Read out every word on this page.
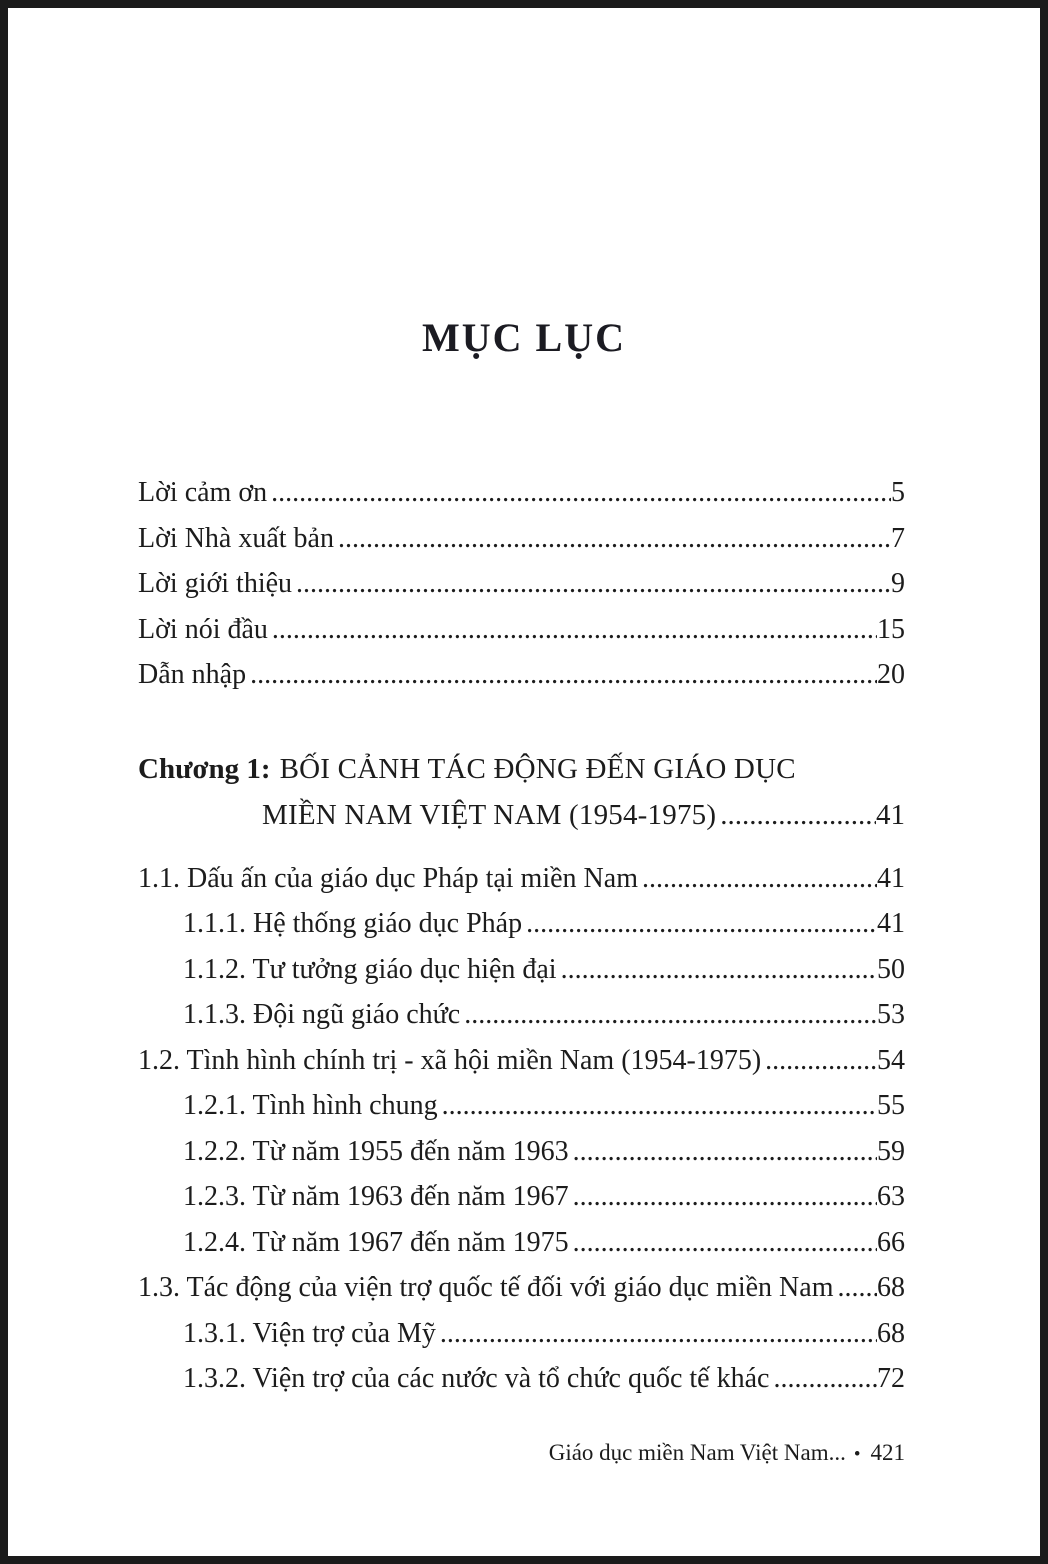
MỤC LỤC
Lời cảm ơn .....	5
Lời Nhà xuất bản .....	7
Lời giới thiệu .....	9
Lời nói đầu .....	15
Dẫn nhập .....	20
Chương 1: BỐI CẢNH TÁC ĐỘNG ĐẾN GIÁO DỤC
MIỀN NAM VIỆT NAM (1954-1975) .....	41
1.1. Dấu ấn của giáo dục Pháp tại miền Nam .....	41
1.1.1. Hệ thống giáo dục Pháp .....	41
1.1.2. Tư tưởng giáo dục hiện đại .....	50
1.1.3. Đội ngũ giáo chức .....	53
1.2. Tình hình chính trị - xã hội miền Nam (1954-1975) .....	54
1.2.1. Tình hình chung .....	55
1.2.2. Từ năm 1955 đến năm 1963 .....	59
1.2.3. Từ năm 1963 đến năm 1967 .....	63
1.2.4. Từ năm 1967 đến năm 1975 .....	66
1.3. Tác động của viện trợ quốc tế đối với giáo dục miền Nam ..... 68
1.3.1. Viện trợ của Mỹ .....	68
1.3.2. Viện trợ của các nước và tổ chức quốc tế khác .....	72
Giáo dục miền Nam Việt Nam... • 421
